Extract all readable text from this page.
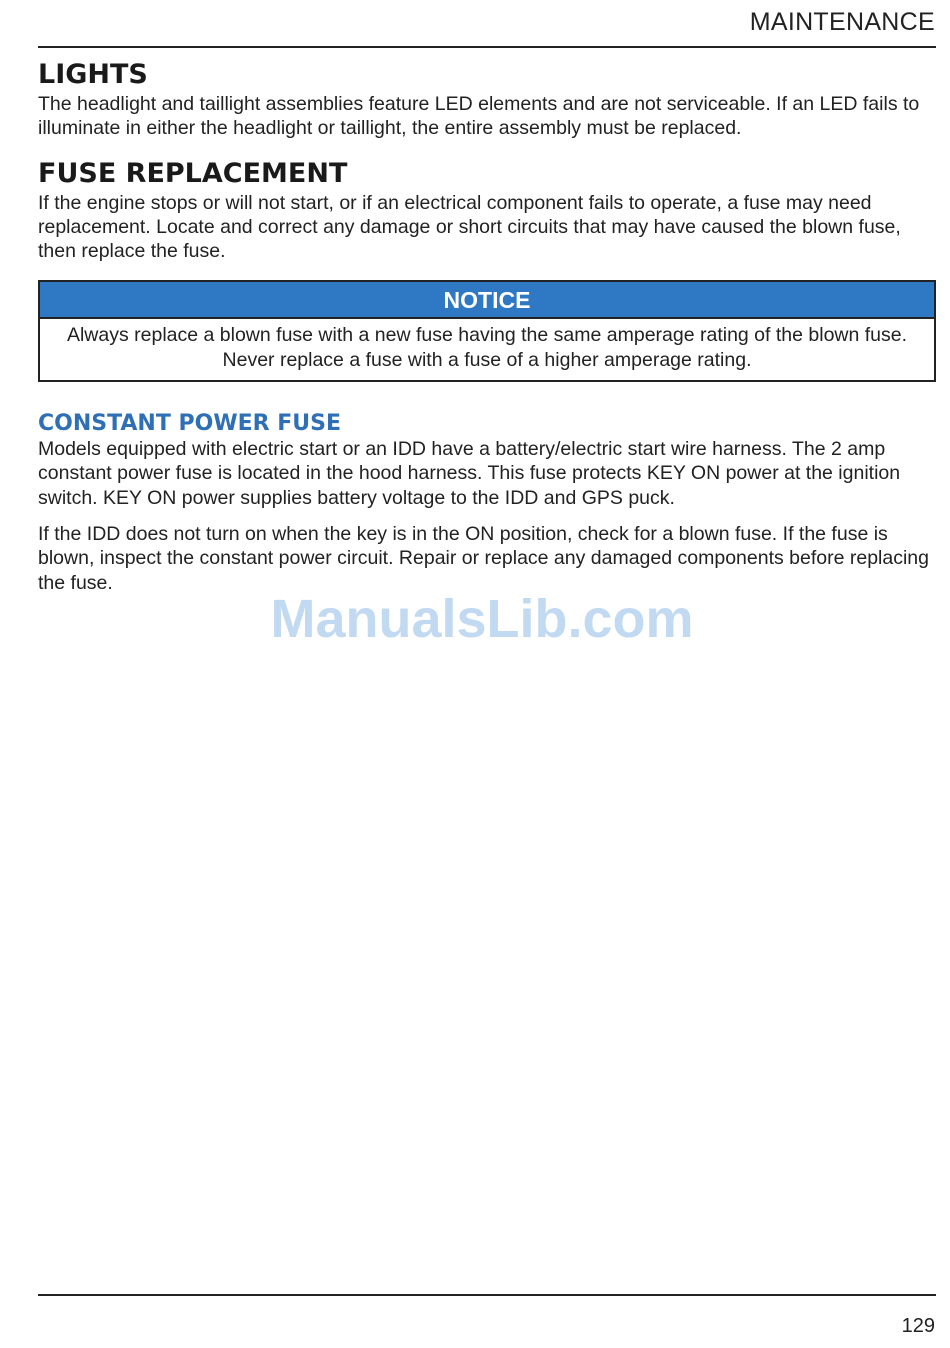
MAINTENANCE
LIGHTS

The headlight and taillight assemblies feature LED elements and are not serviceable. If an LED fails to illuminate in either the headlight or taillight, the entire assembly must be replaced.

FUSE REPLACEMENT

If the engine stops or will not start, or if an electrical component fails to operate, a fuse may need replacement. Locate and correct any damage or short circuits that may have caused the blown fuse, then replace the fuse.

NOTICE
Always replace a blown fuse with a new fuse having the same amperage rating of the blown fuse. Never replace a fuse with a fuse of a higher amperage rating.
CONSTANT POWER FUSE

Models equipped with electric start or an IDD have a battery/electric start wire harness. The 2 amp constant power fuse is located in the hood harness. This fuse protects KEY ON power at the ignition switch. KEY ON power supplies battery voltage to the IDD and GPS puck.

If the IDD does not turn on when the key is in the ON position, check for a blown fuse. If the fuse is blown, inspect the constant power circuit. Repair or replace any damaged components before replacing the fuse.

ManualsLib.com
129
